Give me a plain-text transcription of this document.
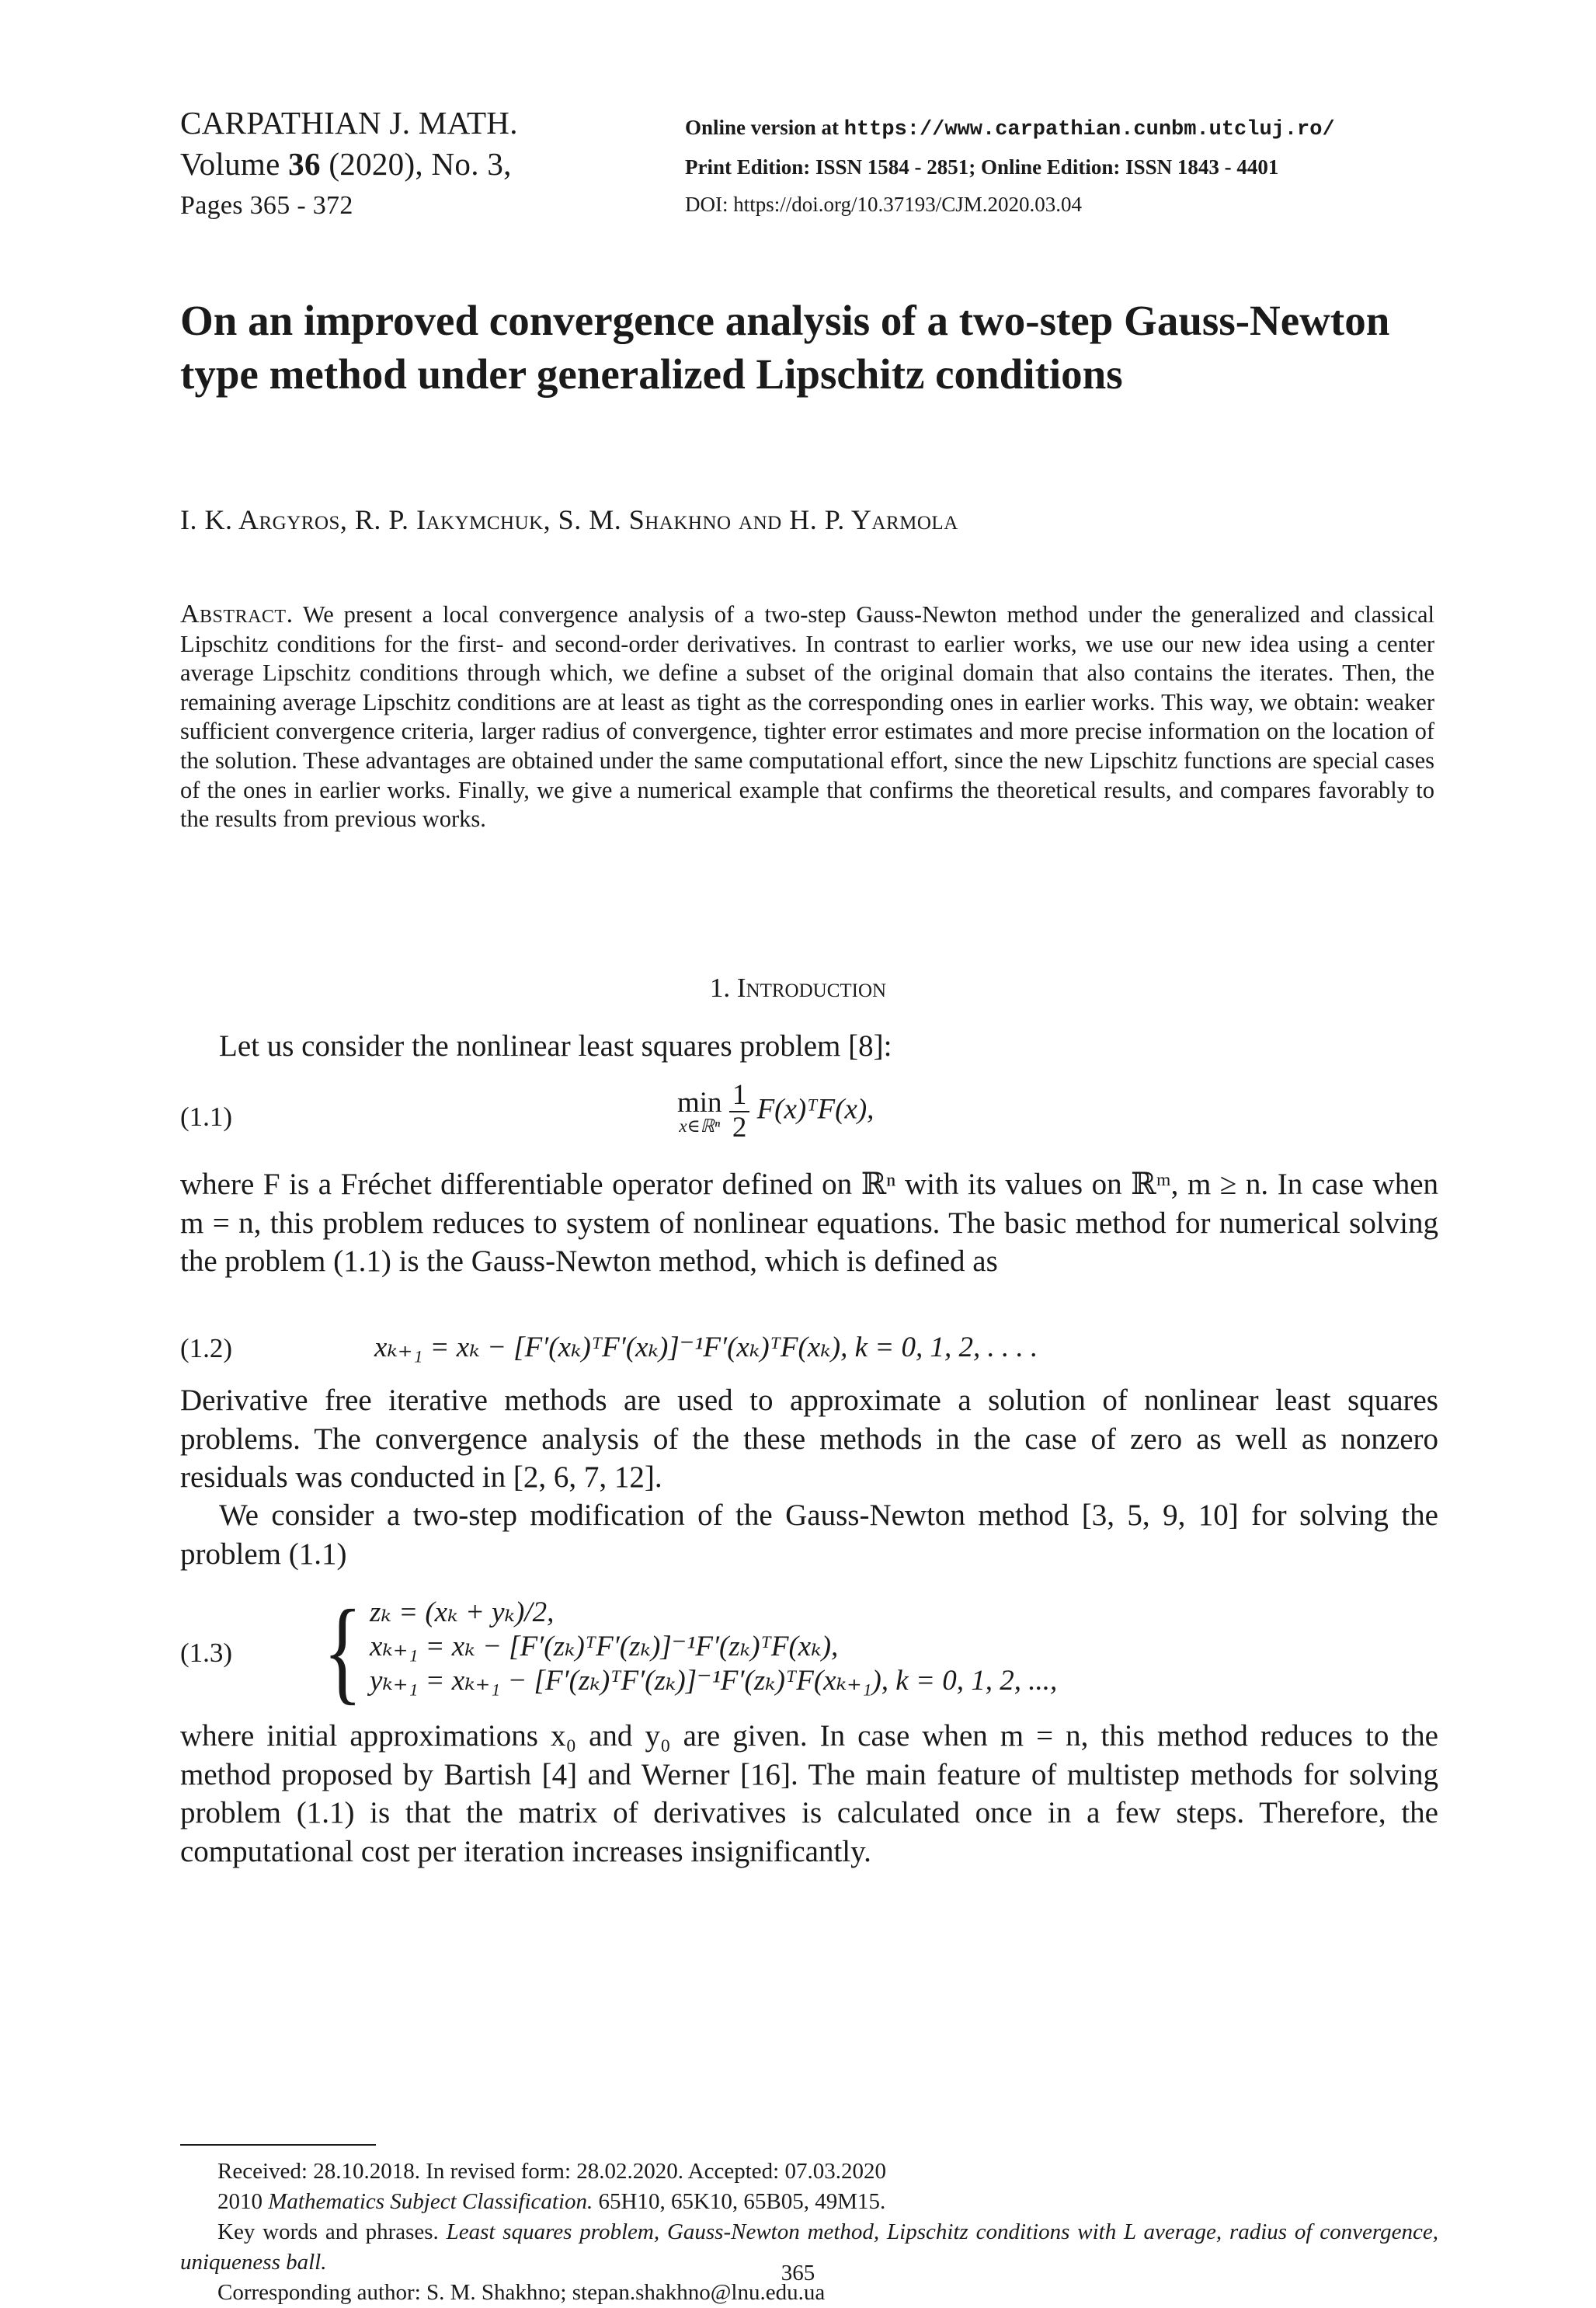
CARPATHIAN J. MATH.
Volume 36 (2020), No. 3,
Pages 365 - 372
Online version at https://www.carpathian.cunbm.utcluj.ro/
Print Edition: ISSN 1584 - 2851; Online Edition: ISSN 1843 - 4401
DOI: https://doi.org/10.37193/CJM.2020.03.04
On an improved convergence analysis of a two-step Gauss-Newton type method under generalized Lipschitz conditions
I. K. Argyros, R. P. Iakymchuk, S. M. Shakhno and H. P. Yarmola
Abstract. We present a local convergence analysis of a two-step Gauss-Newton method under the generalized and classical Lipschitz conditions for the first- and second-order derivatives. In contrast to earlier works, we use our new idea using a center average Lipschitz conditions through which, we define a subset of the original domain that also contains the iterates. Then, the remaining average Lipschitz conditions are at least as tight as the corresponding ones in earlier works. This way, we obtain: weaker sufficient convergence criteria, larger radius of convergence, tighter error estimates and more precise information on the location of the solution. These advantages are obtained under the same computational effort, since the new Lipschitz functions are special cases of the ones in earlier works. Finally, we give a numerical example that confirms the theoretical results, and compares favorably to the results from previous works.
1. Introduction
Let us consider the nonlinear least squares problem [8]:
(1.1)	min
x∈ℝⁿ
$\frac{1}{2}$ F(x)ᵀF(x),
where F is a Fréchet differentiable operator defined on ℝⁿ with its values on ℝᵐ, m ≥ n. In case when m = n, this problem reduces to system of nonlinear equations. The basic method for numerical solving the problem (1.1) is the Gauss-Newton method, which is defined as
(1.2)	xₖ₊₁ = xₖ − [F′(xₖ)ᵀF′(xₖ)]⁻¹F′(xₖ)ᵀF(xₖ), k = 0, 1, 2, . . . .
Derivative free iterative methods are used to approximate a solution of nonlinear least squares problems. The convergence analysis of the these methods in the case of zero as well as nonzero residuals was conducted in [2, 6, 7, 12].
We consider a two-step modification of the Gauss-Newton method [3, 5, 9, 10] for solving the problem (1.1)
(1.3) { zₖ = (xₖ + yₖ)/2,
xₖ₊₁ = xₖ − [F′(zₖ)ᵀF′(zₖ)]⁻¹F′(zₖ)ᵀF(xₖ),
yₖ₊₁ = xₖ₊₁ − [F′(zₖ)ᵀF′(zₖ)]⁻¹F′(zₖ)ᵀF(xₖ₊₁), k = 0, 1, 2, ...,
where initial approximations x₀ and y₀ are given. In case when m = n, this method reduces to the method proposed by Bartish [4] and Werner [16]. The main feature of multistep methods for solving problem (1.1) is that the matrix of derivatives is calculated once in a few steps. Therefore, the computational cost per iteration increases insignificantly.

Received: 28.10.2018. In revised form: 28.02.2020. Accepted: 07.03.2020

2010 Mathematics Subject Classification. 65H10, 65K10, 65B05, 49M15.

Key words and phrases. Least squares problem, Gauss-Newton method, Lipschitz conditions with L average, radius of convergence, uniqueness ball.

Corresponding author: S. M. Shakhno; stepan.shakhno@lnu.edu.ua

365
